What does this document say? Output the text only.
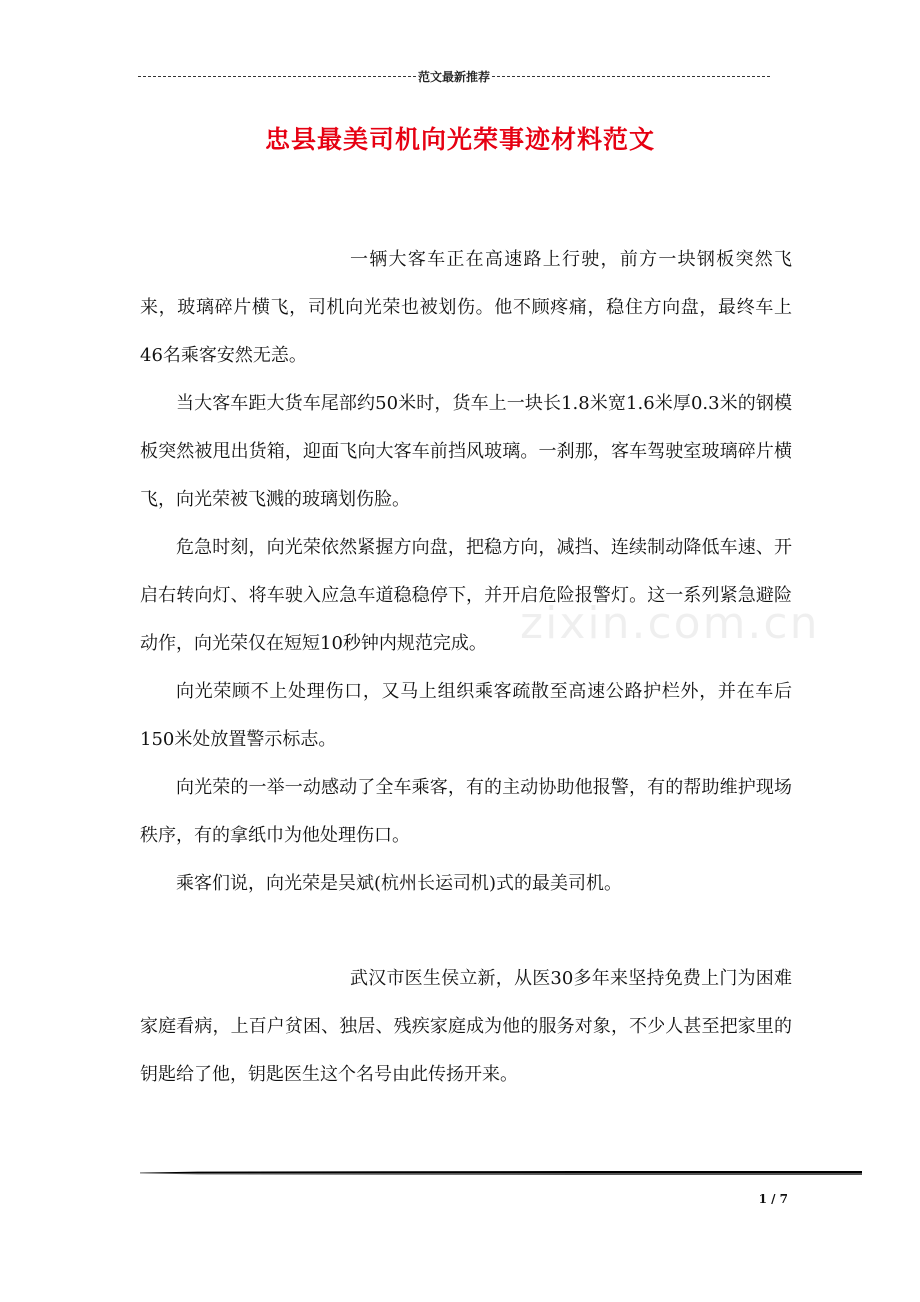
范文最新推荐
忠县最美司机向光荣事迹材料范文
zixin.com.cn

一辆大客车正在高速路上行驶，前方一块钢板突然飞来，玻璃碎片横飞，司机向光荣也被划伤。他不顾疼痛，稳住方向盘，最终车上46名乘客安然无恙。

当大客车距大货车尾部约50米时，货车上一块长1.8米宽1.6米厚0.3米的钢模板突然被甩出货箱，迎面飞向大客车前挡风玻璃。一刹那，客车驾驶室玻璃碎片横飞，向光荣被飞溅的玻璃划伤脸。

危急时刻，向光荣依然紧握方向盘，把稳方向，减挡、连续制动降低车速、开启右转向灯、将车驶入应急车道稳稳停下，并开启危险报警灯。这一系列紧急避险动作，向光荣仅在短短10秒钟内规范完成。

向光荣顾不上处理伤口，又马上组织乘客疏散至高速公路护栏外，并在车后150米处放置警示标志。

向光荣的一举一动感动了全车乘客，有的主动协助他报警，有的帮助维护现场秩序，有的拿纸巾为他处理伤口。

乘客们说，向光荣是吴斌(杭州长运司机)式的最美司机。

武汉市医生侯立新，从医30多年来坚持免费上门为困难家庭看病，上百户贫困、独居、残疾家庭成为他的服务对象，不少人甚至把家里的钥匙给了他，钥匙医生这个名号由此传扬开来。

1 / 7
